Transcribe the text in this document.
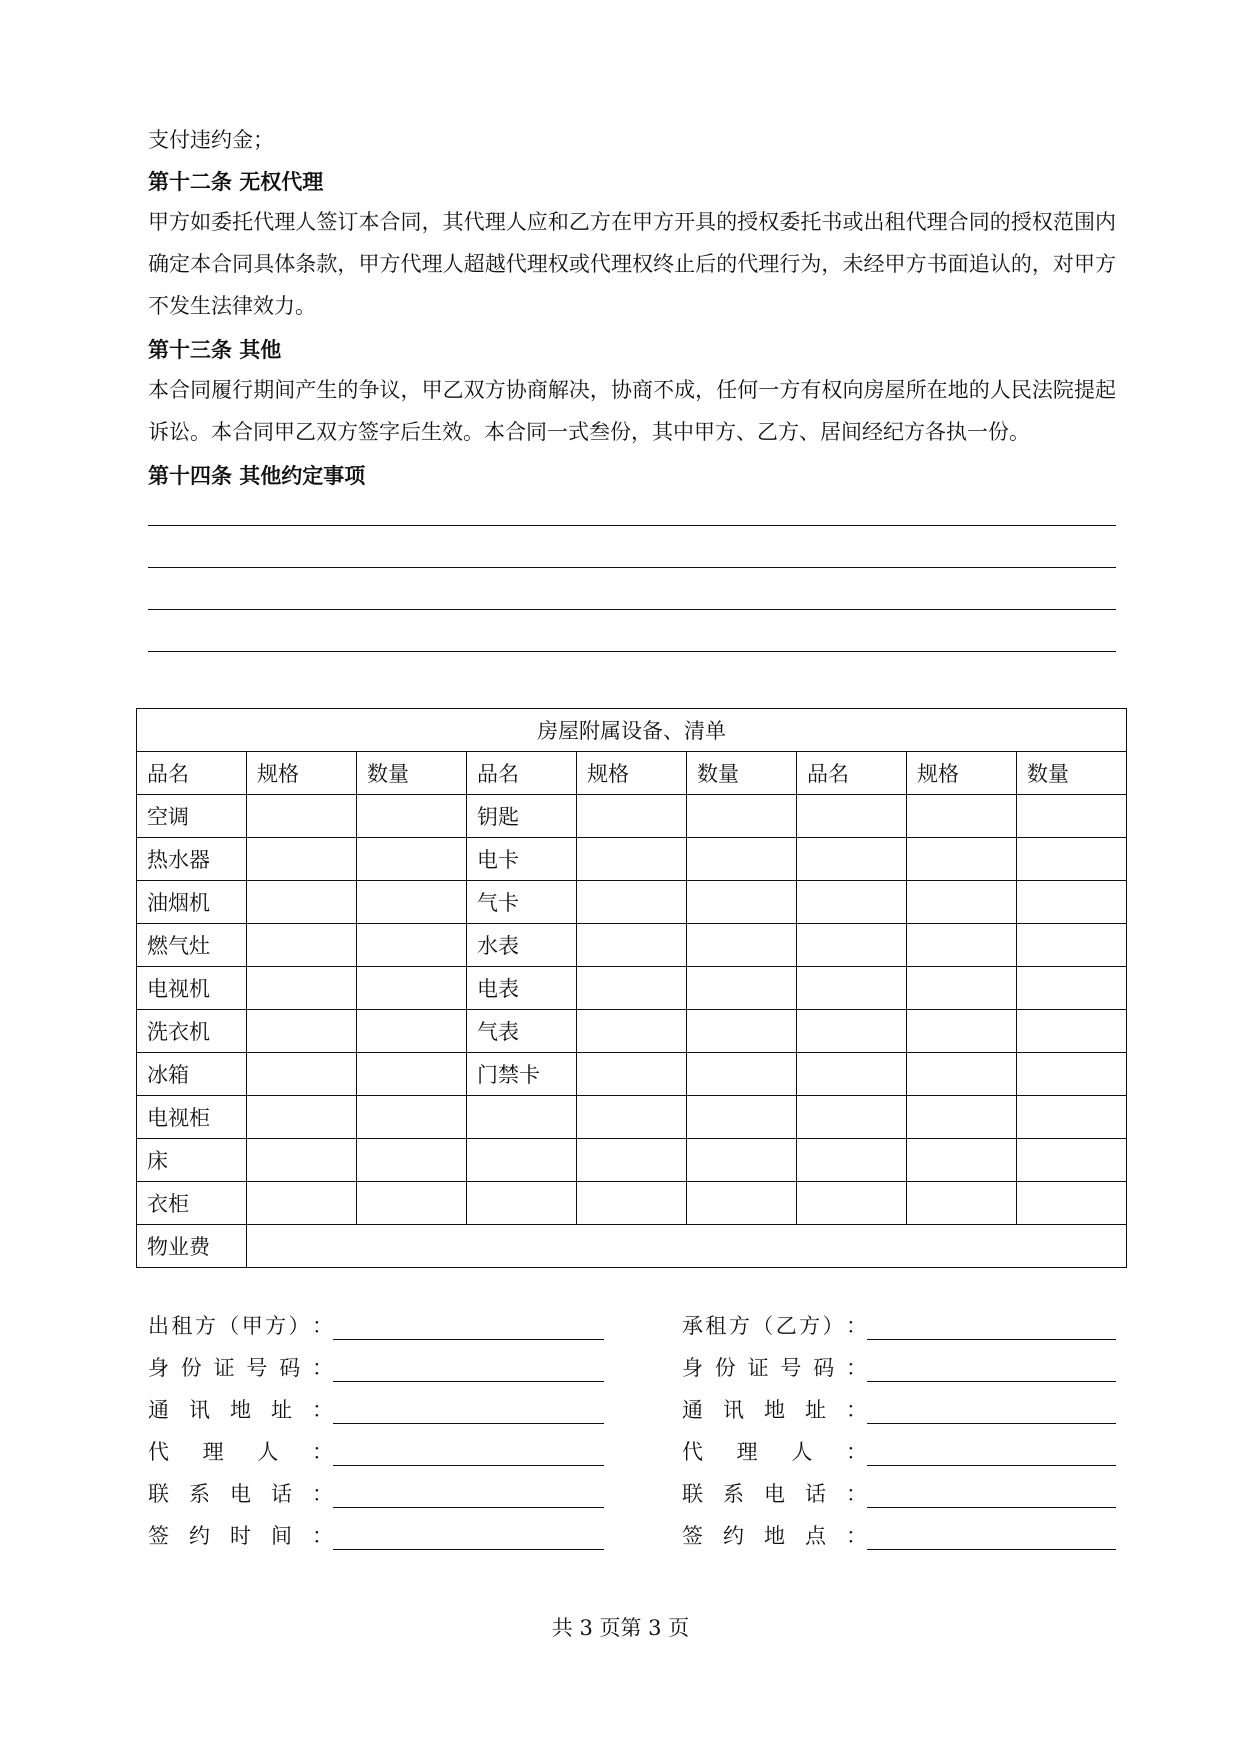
支付违约金；
第十二条 无权代理
甲方如委托代理人签订本合同，其代理人应和乙方在甲方开具的授权委托书或出租代理合同的授权范围内确定本合同具体条款，甲方代理人超越代理权或代理权终止后的代理行为，未经甲方书面追认的，对甲方不发生法律效力。
第十三条 其他
本合同履行期间产生的争议，甲乙双方协商解决，协商不成，任何一方有权向房屋所在地的人民法院提起诉讼。本合同甲乙双方签字后生效。本合同一式叁份，其中甲方、乙方、居间经纪方各执一份。
第十四条 其他约定事项
房屋附属设备、清单								
品名	规格	数量	品名	规格	数量	品名	规格	数量
空调			钥匙					
热水器			电卡					
油烟机			气卡					
燃气灶			水表					
电视机			电表					
洗衣机			气表					
冰箱			门禁卡					
电视柜								
床								
衣柜								
物业费								
出 租 方 （ 甲 方 ） ：
身 份 证 号 码 ：
通 讯 地 址 ：
代 理 人 ：
联 系 电 话 ：
签 约 时 间 ：
承 租 方 （ 乙 方 ） ：
身 份 证 号 码 ：
通 讯 地 址 ：
代 理 人 ：
联 系 电 话 ：
签 约 地 点 ：
共 3 页第 3 页
